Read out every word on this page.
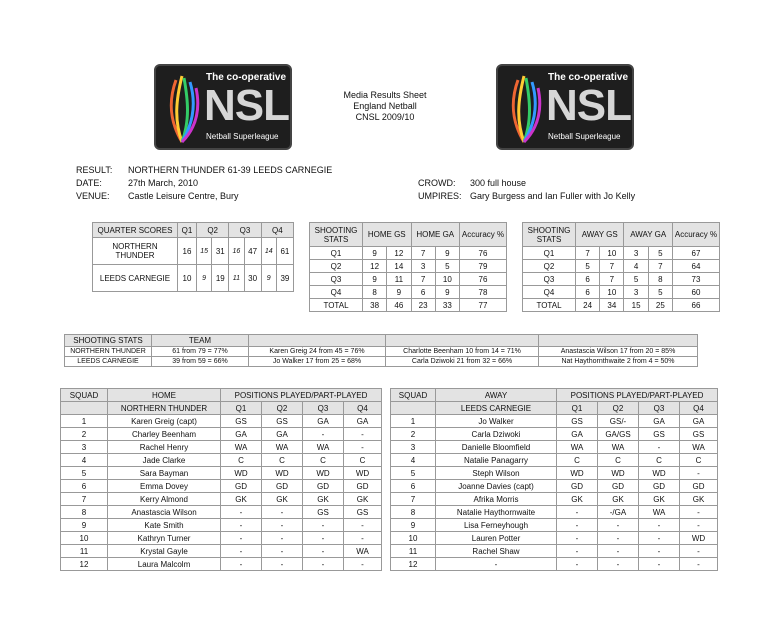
The co-operative
NSL
Netball Superleague
The co-operative
NSL
Netball Superleague
Media Results Sheet
England Netball
CNSL 2009/10
RESULT: NORTHERN THUNDER 61-39 LEEDS CARNEGIE
DATE:	27th March, 2010
VENUE: Castle Leisure Centre, Bury
CROWD: 300 full house
UMPIRES: Gary Burgess and Ian Fuller with Jo Kelly
QUARTER SCORES	Q1	Q2		Q3		Q4	
NORTHERN THUNDER	16	15	31	16	47	14	61
LEEDS CARNEGIE	10	9	19	11	30	9	39
SHOOTING STATS	HOME GS		HOME GA		Accuracy %
Q1	9	12	7	9	76
Q2	12	14	3	5	79
Q3	9	11	7	10	76
Q4	8	9	6	9	78
TOTAL	38	46	23	33	77
SHOOTING STATS	AWAY GS		AWAY GA		Accuracy %
Q1	7	10	3	5	67
Q2	5	7	4	7	64
Q3	6	7	5	8	73
Q4	6	10	3	5	60
TOTAL	24	34	15	25	66
SHOOTING STATS	TEAM			
NORTHERN THUNDER	61 from 79 = 77%	Karen Greig 24 from 45 = 76%	Charlotte Beenham 10 from 14 = 71%	Anastascia Wilson 17 from 20 = 85%
LEEDS CARNEGIE	39 from 59 = 66%	Jo Walker 17 from 25 = 68%	Carla Dziwoki 21 from 32 = 66%	Nat Haythornthwaite 2 from 4 = 50%
SQUAD	HOME	POSITIONS PLAYED/PART-PLAYED			
	NORTHERN THUNDER	Q1	Q2	Q3	Q4
1	Karen Greig (capt)	GS	GS	GA	GA
2	Charley Beenham	GA	GA	-	-
3	Rachel Henry	WA	WA	WA	-
4	Jade Clarke	C	C	C	C
5	Sara Bayman	WD	WD	WD	WD
6	Emma Dovey	GD	GD	GD	GD
7	Kerry Almond	GK	GK	GK	GK
8	Anastascia Wilson	-	-	GS	GS
9	Kate Smith	-	-	-	-
10	Kathryn Turner	-	-	-	-
11	Krystal Gayle	-	-	-	WA
12	Laura Malcolm	-	-	-	-
SQUAD	AWAY	POSITIONS PLAYED/PART-PLAYED			
	LEEDS CARNEGIE	Q1	Q2	Q3	Q4
1	Jo Walker	GS	GS/-	GA	GA
2	Carla Dziwoki	GA	GA/GS	GS	GS
3	Danielle Bloomfield	WA	WA	-	WA
4	Natalie Panagarry	C	C	C	C
5	Steph Wilson	WD	WD	WD	-
6	Joanne Davies (capt)	GD	GD	GD	GD
7	Afrika Morris	GK	GK	GK	GK
8	Natalie Haythornwaite	-	-/GA	WA	-
9	Lisa Ferneyhough	-	-	-	-
10	Lauren Potter	-	-	-	WD
11	Rachel Shaw	-	-	-	-
12	-	-	-	-	-
